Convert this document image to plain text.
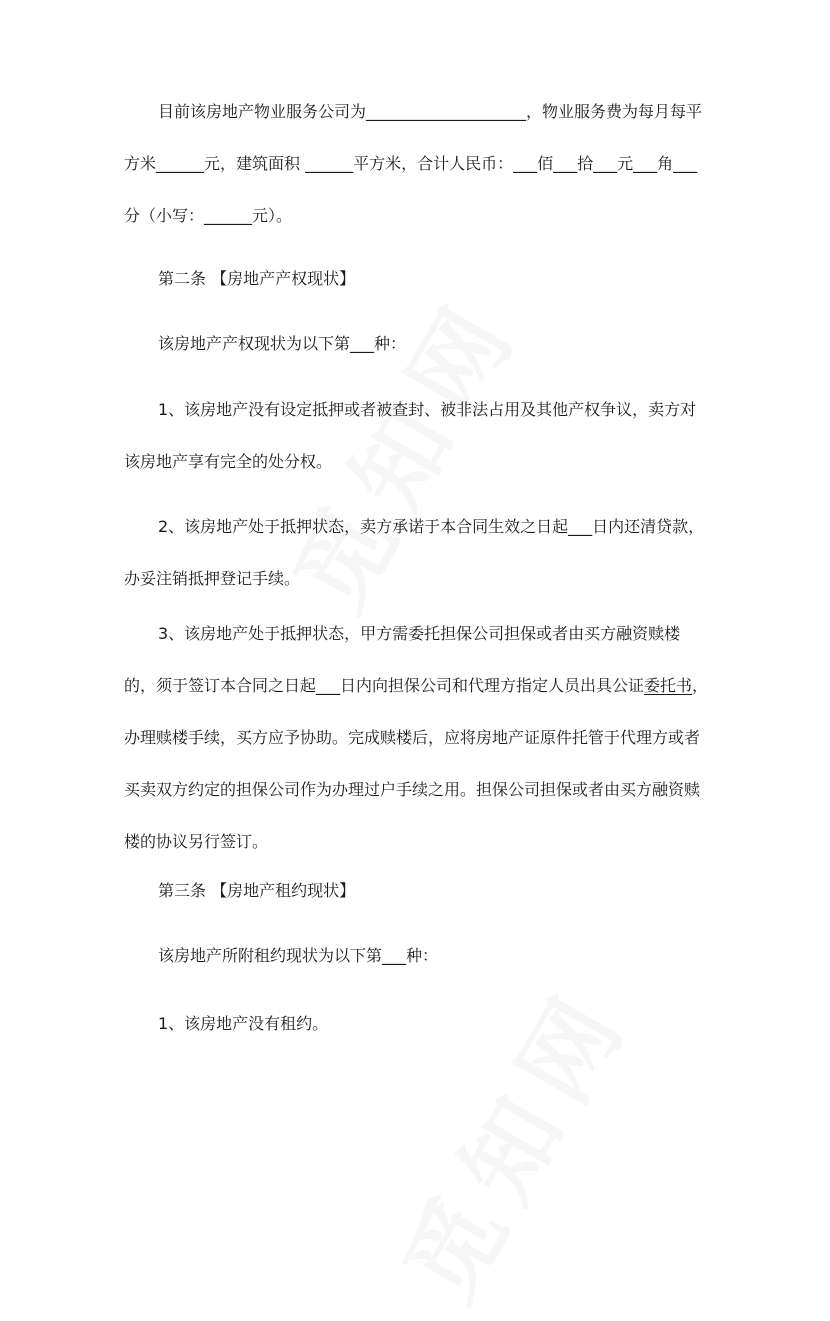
目前该房地产物业服务公司为____________________，物业服务费为每月每平方米______元，建筑面积 ______平方米，合计人民币：___佰___拾___元___角___分（小写：______元）。
第二条 【房地产产权现状】
该房地产产权现状为以下第___种：
1、该房地产没有设定抵押或者被查封、被非法占用及其他产权争议，卖方对该房地产享有完全的处分权。
2、该房地产处于抵押状态，卖方承诺于本合同生效之日起___日内还清贷款，办妥注销抵押登记手续。
3、该房地产处于抵押状态，甲方需委托担保公司担保或者由买方融资赎楼的，须于签订本合同之日起___日内向担保公司和代理方指定人员出具公证委托书，办理赎楼手续，买方应予协助。完成赎楼后，应将房地产证原件托管于代理方或者买卖双方约定的担保公司作为办理过户手续之用。担保公司担保或者由买方融资赎楼的协议另行签订。
第三条 【房地产租约现状】
该房地产所附租约现状为以下第___种：
1、该房地产没有租约。
